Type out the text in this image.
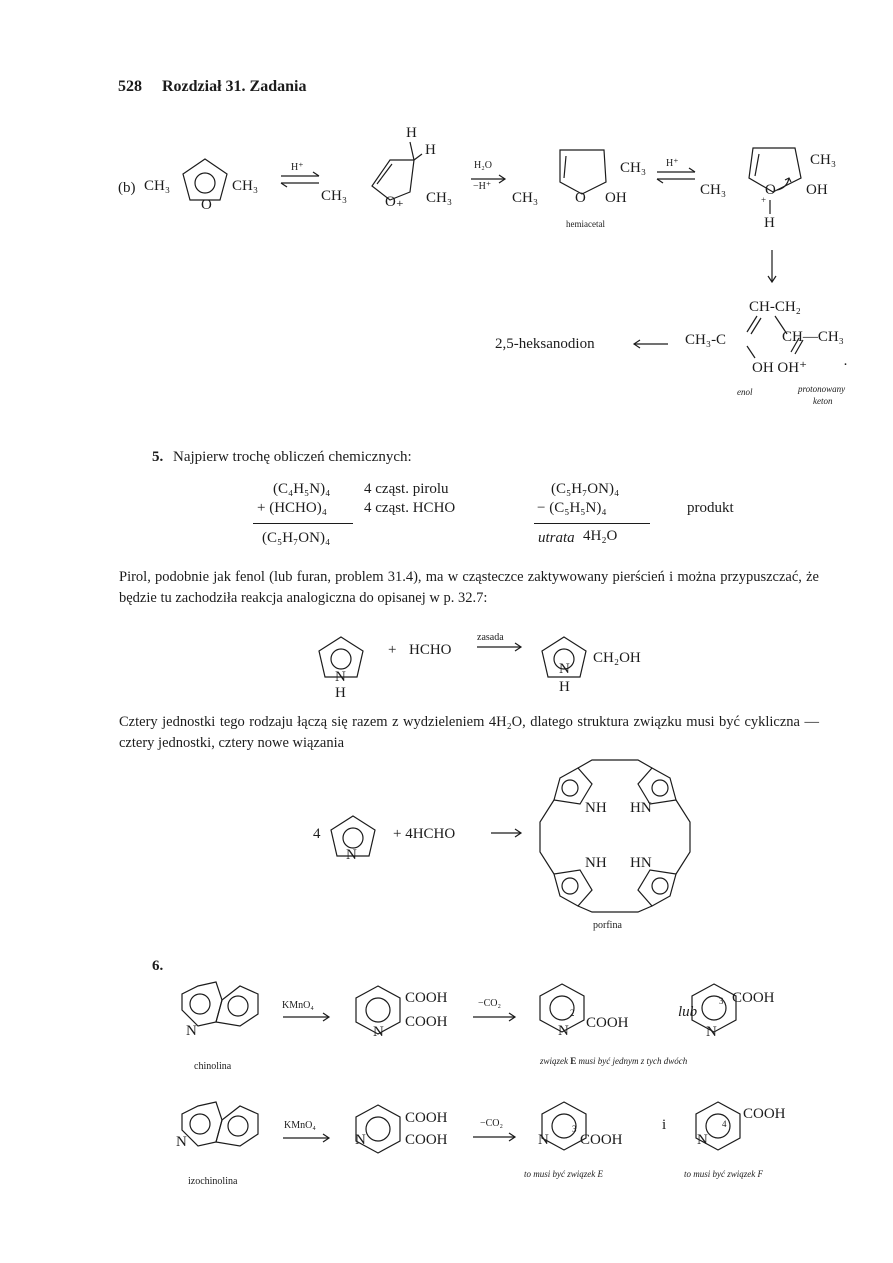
528 Rozdział 31. Zadania
(b) CH₃
O
CH₃
H⁺
H
H
CH₃	O₊ CH₃
H₂O
−H⁺
CH₃
CH₃ O OH
hemiacetal
H⁺	CH₃
CH₃	O OH
+
H
CH-CH₂
CH₃-C	CH—CH₃
OH OH⁺ ·
enol	protonowany
keton
2,5-heksanodion
5. Najpierw trochę obliczeń chemicznych:
(C₄H₅N)₄ 4 cząst. pirolu
+ (HCHO)₄ 4 cząst. HCHO
(C₅H₇ON)₄
(C₅H₇ON)₄
− (C₅H₅N)₄	produkt
utrata 4H₂O
Pirol, podobnie jak fenol (lub furan, problem 31.4), ma w cząsteczce zaktywowany pierścień i można przypuszczać, że będzie tu zachodziła reakcja analogiczna do opisanej w p. 32.7:
N
H
+ HCHO
zasada
N
H
CH₂OH
Cztery jednostki tego rodzaju łączą się razem z wydzieleniem 4H₂O, dlatego struktura związku musi być cykliczna — cztery jednostki, cztery nowe wiązania
4
N
+ 4HCHO
NH HN
NH HN
porfina
6.
N
chinolina
KMnO₄
N
COOH
COOH
−CO₂
2
N COOH
lub
3
N
COOH
związek E musi być jednym z tych dwóch
N
izochinolina
KMnO₄
N
COOH
COOH
−CO₂	3
N COOH
i	4
N
COOH
to musi być związek E	to musi być związek F
